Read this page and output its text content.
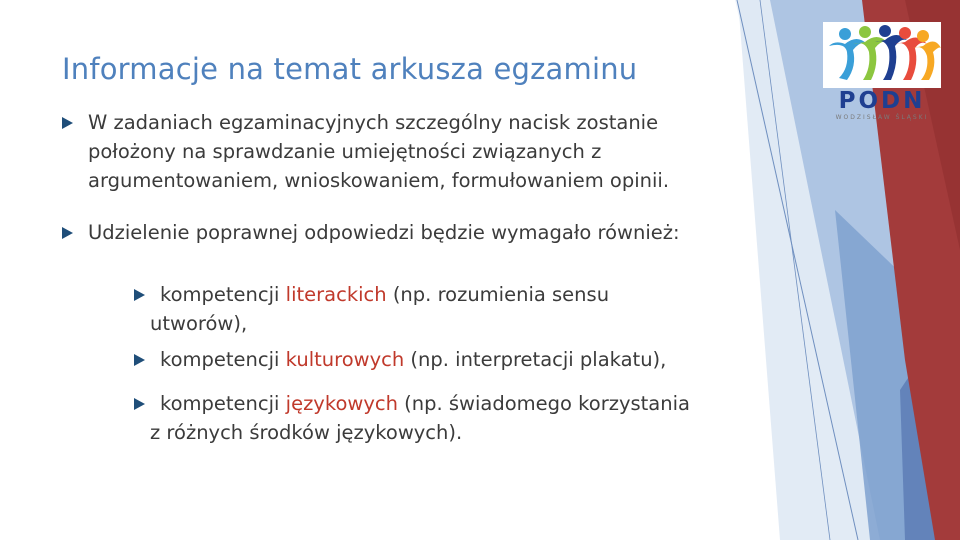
Informacje na temat arkusza egzaminu
W zadaniach egzaminacyjnych szczególny nacisk zostanie
położony na sprawdzanie umiejętności związanych z
argumentowaniem, wnioskowaniem, formułowaniem opinii.
Udzielenie poprawnej odpowiedzi będzie wymagało również:
kompetencji literackich (np. rozumienia sensu
utworów),
kompetencji kulturowych (np. interpretacji plakatu),
kompetencji językowych (np. świadomego korzystania
z różnych środków językowych).
PODN
WODZISŁAW ŚLĄSKI
